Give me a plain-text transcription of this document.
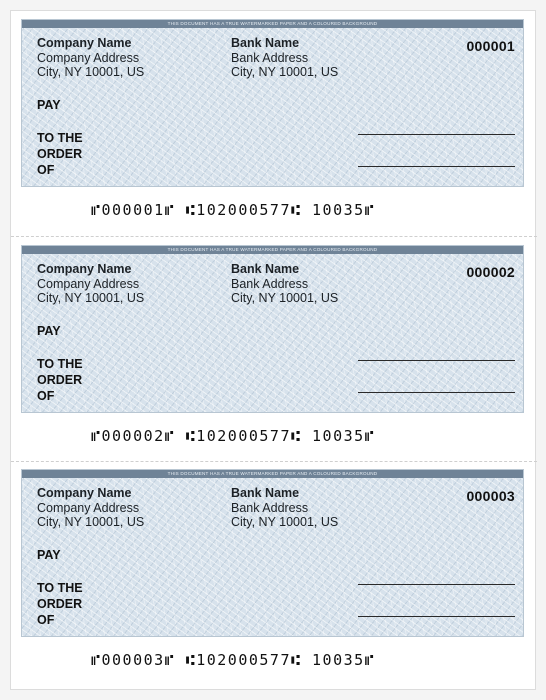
THIS DOCUMENT HAS A TRUE WATERMARKED PAPER AND A COLOURED BACKGROUND
Company Name
Company Address
City, NY 10001, US
Bank Name
Bank Address
City, NY 10001, US
000001
PAY
TO THE
ORDER
OF
⑈000001⑈ ⑆102000577⑆ 10035⑈
THIS DOCUMENT HAS A TRUE WATERMARKED PAPER AND A COLOURED BACKGROUND
Company Name
Company Address
City, NY 10001, US
Bank Name
Bank Address
City, NY 10001, US
000002
PAY
TO THE
ORDER
OF
⑈000002⑈ ⑆102000577⑆ 10035⑈
THIS DOCUMENT HAS A TRUE WATERMARKED PAPER AND A COLOURED BACKGROUND
Company Name
Company Address
City, NY 10001, US
Bank Name
Bank Address
City, NY 10001, US
000003
PAY
TO THE
ORDER
OF
⑈000003⑈ ⑆102000577⑆ 10035⑈
